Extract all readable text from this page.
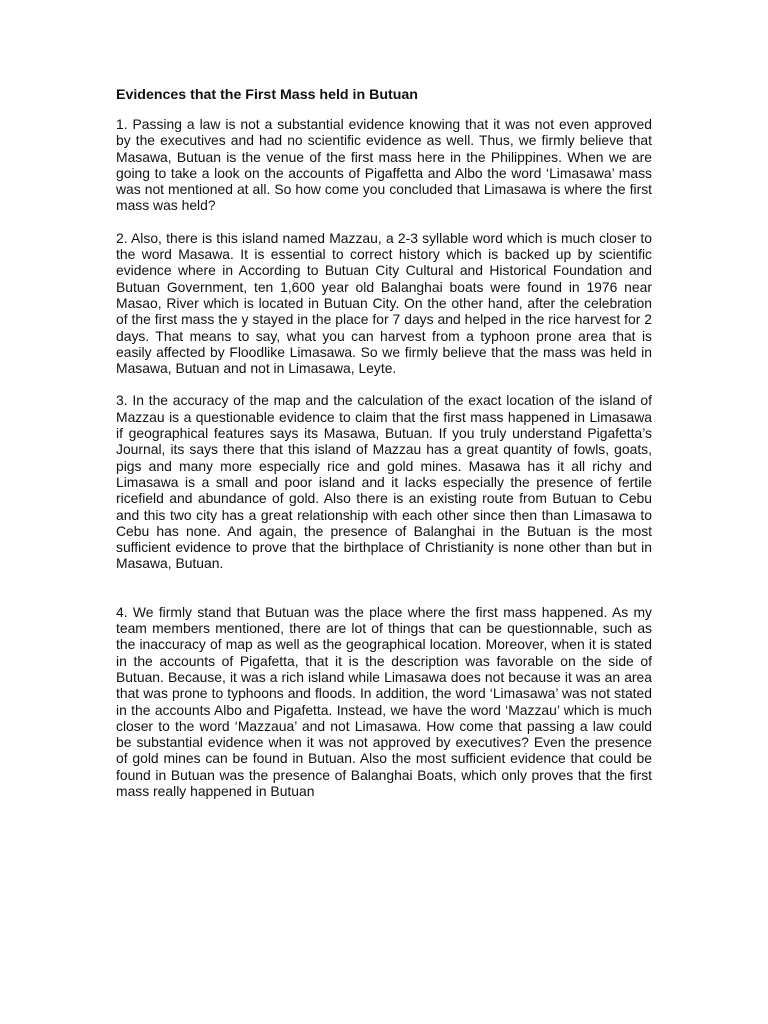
Evidences that the First Mass held in Butuan

1. Passing a law is not a substantial evidence knowing that it was not even approved by the executives and had no scientific evidence as well. Thus, we firmly believe that Masawa, Butuan is the venue of the first mass here in the Philippines. When we are going to take a look on the accounts of Pigaffetta and Albo the word ‘Limasawa’ mass was not mentioned at all. So how come you concluded that Limasawa is where the first mass was held?

2. Also, there is this island named Mazzau, a 2-3 syllable word which is much closer to the word Masawa. It is essential to correct history which is backed up by scientific evidence where in According to Butuan City Cultural and Historical Foundation and Butuan Government, ten 1,600 year old Balanghai boats were found in 1976 near Masao, River which is located in Butuan City. On the other hand, after the celebration of the first mass the y stayed in the place for 7 days and helped in the rice harvest for 2 days. That means to say, what you can harvest from a typhoon prone area that is easily affected by Floodlike Limasawa. So we firmly believe that the mass was held in Masawa, Butuan and not in Limasawa, Leyte.

3. In the accuracy of the map and the calculation of the exact location of the island of Mazzau is a questionable evidence to claim that the first mass happened in Limasawa if geographical features says its Masawa, Butuan. If you truly understand Pigafetta’s Journal, its says there that this island of Mazzau has a great quantity of fowls, goats, pigs and many more especially rice and gold mines. Masawa has it all richy and Limasawa is a small and poor island and it lacks especially the presence of fertile ricefield and abundance of gold. Also there is an existing route from Butuan to Cebu and this two city has a great relationship with each other since then than Limasawa to Cebu has none. And again, the presence of Balanghai in the Butuan is the most sufficient evidence to prove that the birthplace of Christianity is none other than but in Masawa, Butuan.

4. We firmly stand that Butuan was the place where the first mass happened. As my team members mentioned, there are lot of things that can be questionnable, such as the inaccuracy of map as well as the geographical location. Moreover, when it is stated in the accounts of Pigafetta, that it is the description was favorable on the side of Butuan. Because, it was a rich island while Limasawa does not because it was an area that was prone to typhoons and floods. In addition, the word ‘Limasawa’ was not stated in the accounts Albo and Pigafetta. Instead, we have the word ‘Mazzau’ which is much closer to the word ‘Mazzaua’ and not Limasawa. How come that passing a law could be substantial evidence when it was not approved by executives? Even the presence of gold mines can be found in Butuan. Also the most sufficient evidence that could be found in Butuan was the presence of Balanghai Boats, which only proves that the first mass really happened in Butuan
